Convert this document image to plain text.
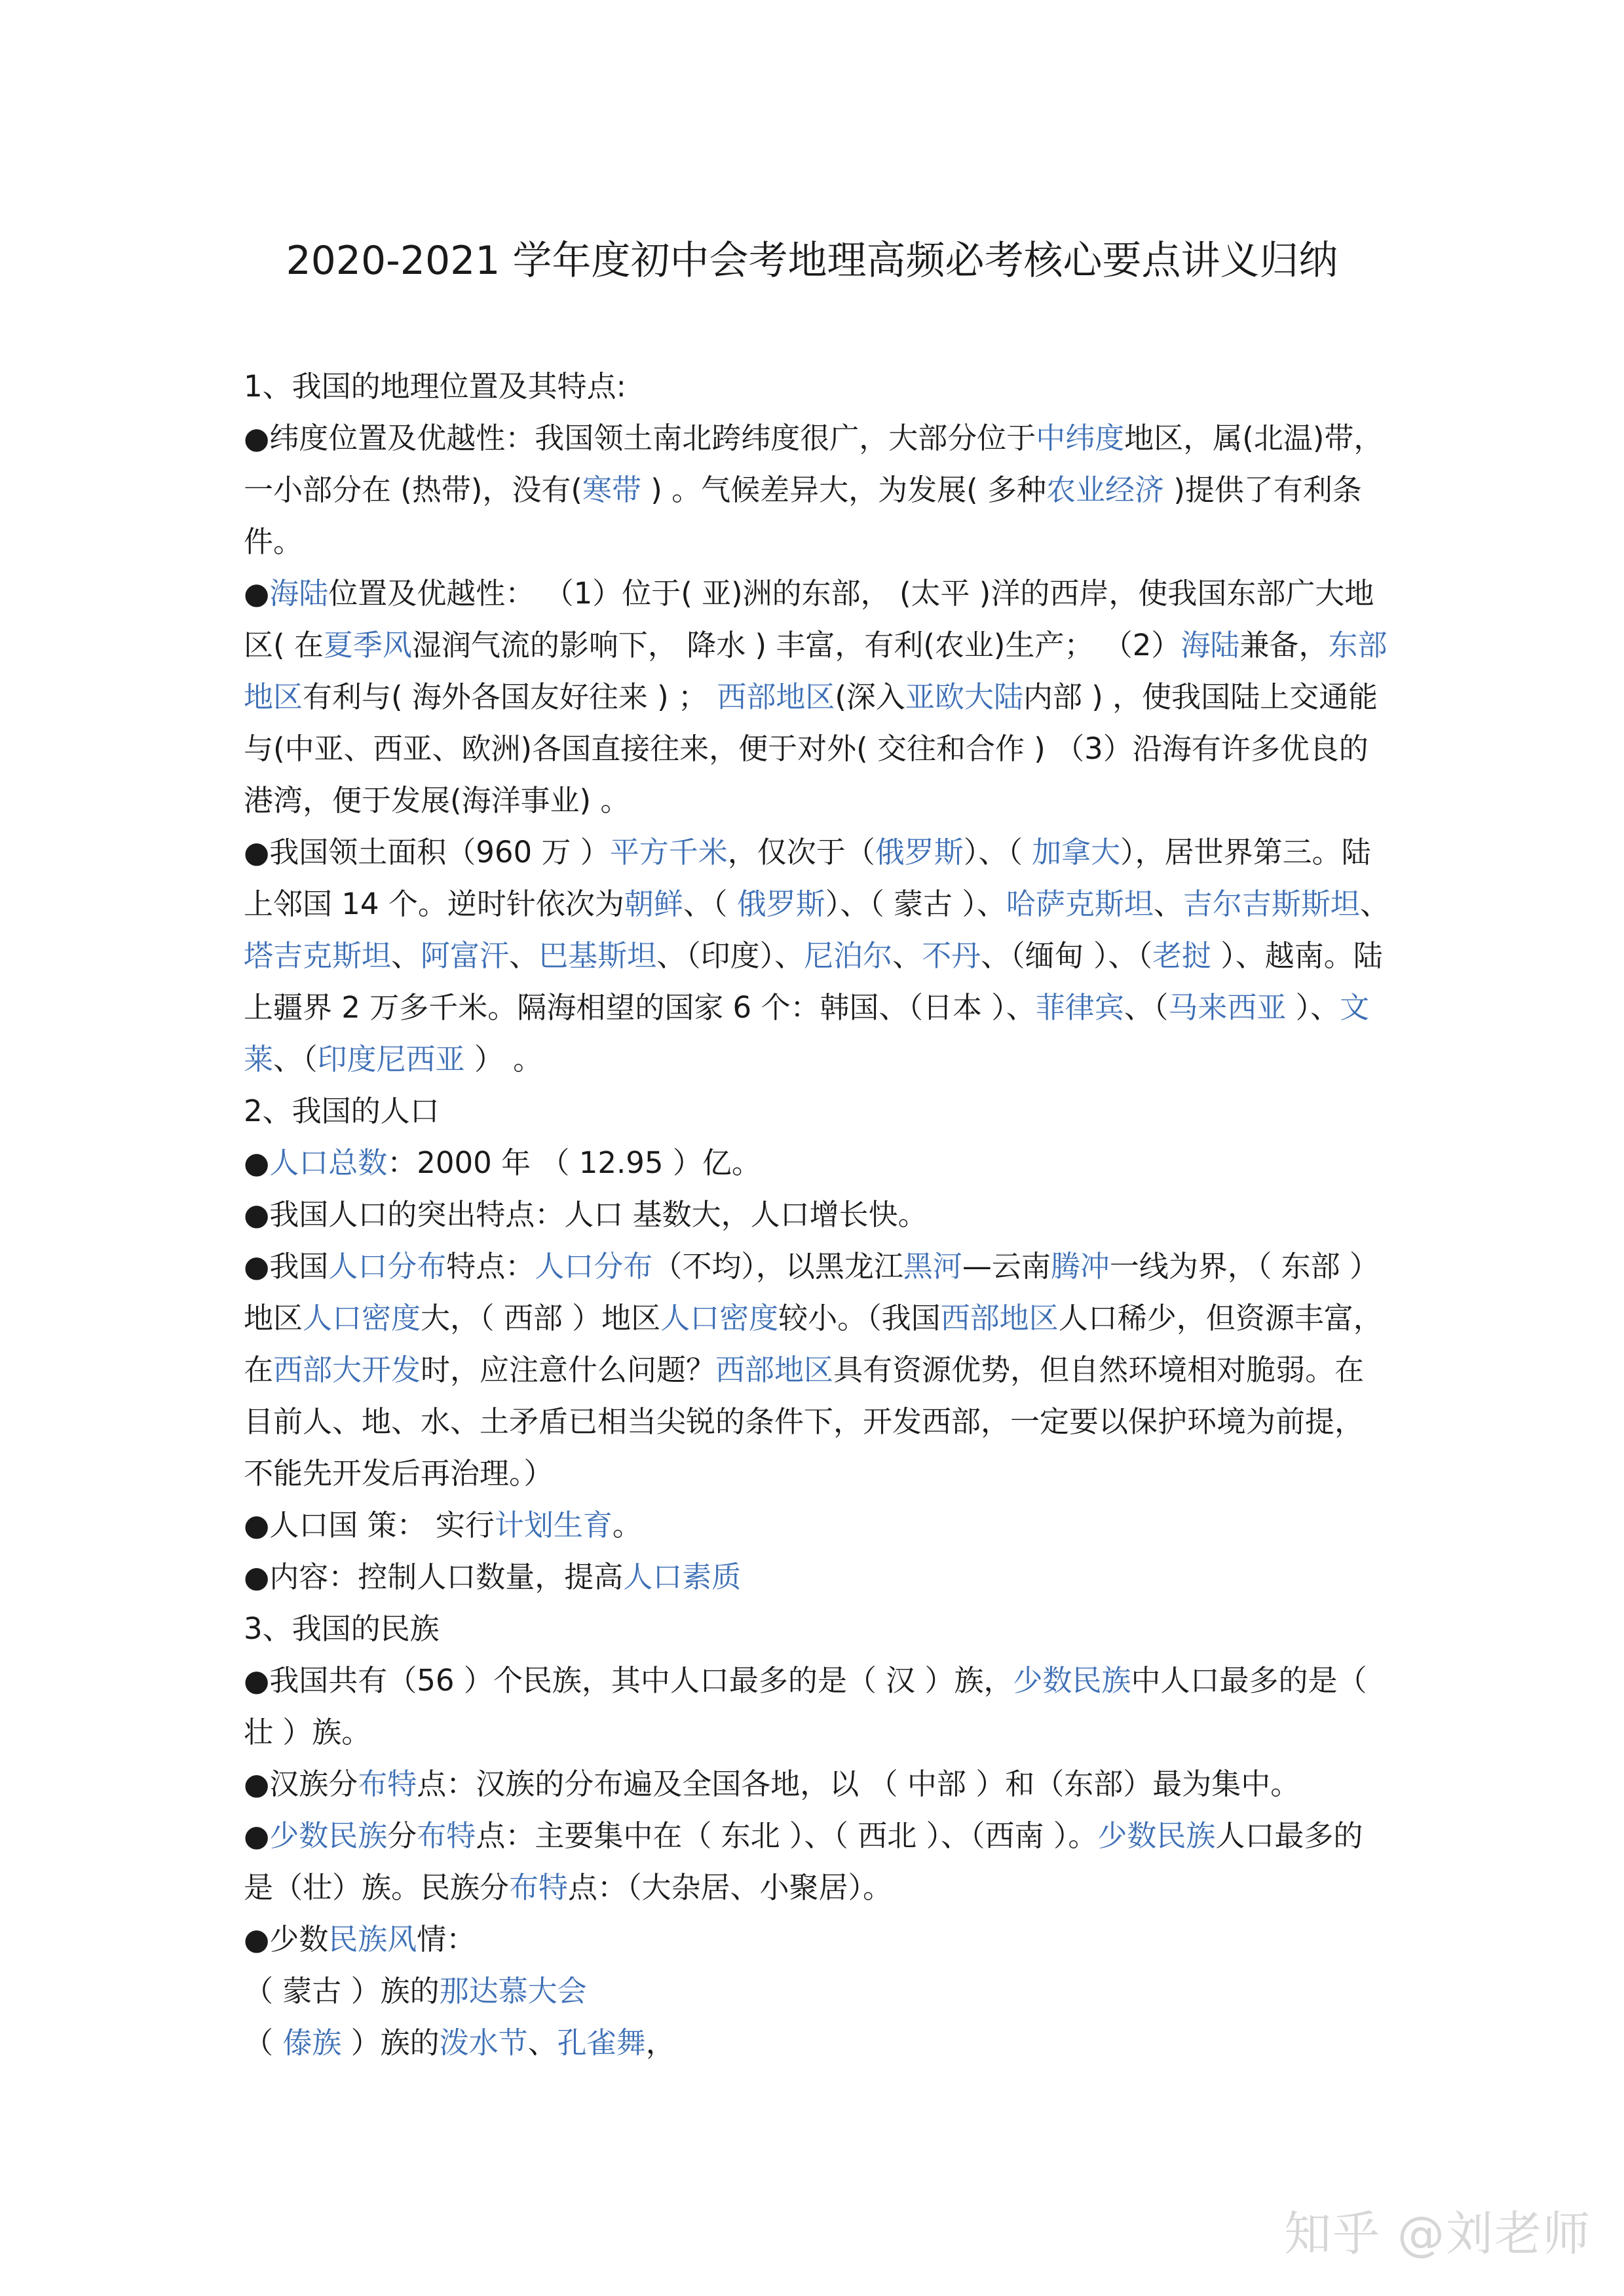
2020-2021 学年度初中会考地理高频必考核心要点讲义归纳

1、我国的地理位置及其特点:

●纬度位置及优越性：我国领土南北跨纬度很广，大部分位于中纬度地区，属(北温)带，一小部分在 (热带)，没有(寒带 ) 。气候差异大，为发展( 多种农业经济 )提供了有利条件。

●海陆位置及优越性： （1）位于( 亚)洲的东部， (太平 )洋的西岸，使我国东部广大地区( 在夏季风湿润气流的影响下， 降水 ) 丰富，有利(农业)生产； （2）海陆兼备，东部地区有利与( 海外各国友好往来 ) ； 西部地区(深入亚欧大陆内部 ) ，使我国陆上交通能与(中亚、西亚、欧洲)各国直接往来，便于对外( 交往和合作 ) （3）沿海有许多优良的港湾，便于发展(海洋事业) 。

●我国领土面积（960 万 ）平方千米，仅次于（俄罗斯）、（ 加拿大），居世界第三。陆上邻国 14 个。逆时针依次为朝鲜、（ 俄罗斯）、（ 蒙古 ）、哈萨克斯坦、吉尔吉斯斯坦、塔吉克斯坦、阿富汗、巴基斯坦、（印度）、尼泊尔、不丹、（缅甸 ）、（老挝 ）、越南。陆上疆界 2 万多千米。隔海相望的国家 6 个：韩国、（日本 ）、菲律宾、（马来西亚 ）、文莱、（印度尼西亚 ） 。

2、我国的人口

●人口总数：2000 年 （ 12.95 ）亿。

●我国人口的突出特点：人口 基数大，人口增长快。

●我国人口分布特点：人口分布（不均），以黑龙江黑河—云南腾冲一线为界，（ 东部 ）地区人口密度大，（ 西部 ）地区人口密度较小。（我国西部地区人口稀少，但资源丰富，在西部大开发时，应注意什么问题？西部地区具有资源优势，但自然环境相对脆弱。在目前人、地、水、土矛盾已相当尖锐的条件下，开发西部，一定要以保护环境为前提，不能先开发后再治理。）

●人口国 策： 实行计划生育。

●内容：控制人口数量，提高人口素质

3、我国的民族

●我国共有（56 ）个民族，其中人口最多的是（ 汉 ）族，少数民族中人口最多的是（ 壮 ）族。

●汉族分布特点：汉族的分布遍及全国各地，以 （ 中部 ）和（东部）最为集中。

●少数民族分布特点：主要集中在（ 东北 ）、（ 西北 ）、（西南 ）。少数民族人口最多的是（壮）族。民族分布特点：（大杂居、小聚居）。

●少数民族风情：

（ 蒙古 ）族的那达慕大会

（ 傣族 ）族的泼水节、孔雀舞，

知乎 @刘老师
